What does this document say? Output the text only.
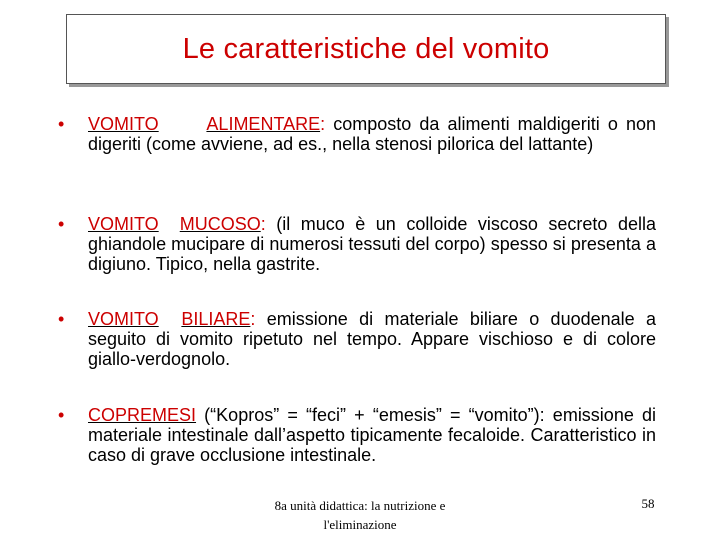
Le caratteristiche del vomito
•	VOMITO	ALIMENTARE: composto da alimenti maldigeriti o non digeriti (come avviene, ad es., nella stenosi pilorica del lattante)
•	VOMITO MUCOSO: (il muco è un colloide viscoso secreto della ghiandole mucipare di numerosi tessuti del corpo) spesso si presenta a digiuno. Tipico, nella gastrite.
•	VOMITO BILIARE: emissione di materiale biliare o duodenale a seguito di vomito ripetuto nel tempo. Appare vischioso e di colore giallo-verdognolo.
•	COPREMESI (“Kopros” = “feci” + “emesis” = “vomito”): emissione di materiale intestinale dall’aspetto tipicamente fecaloide. Caratteristico in caso di grave occlusione intestinale.
8a unità didattica: la nutrizione e l'eliminazione
58
